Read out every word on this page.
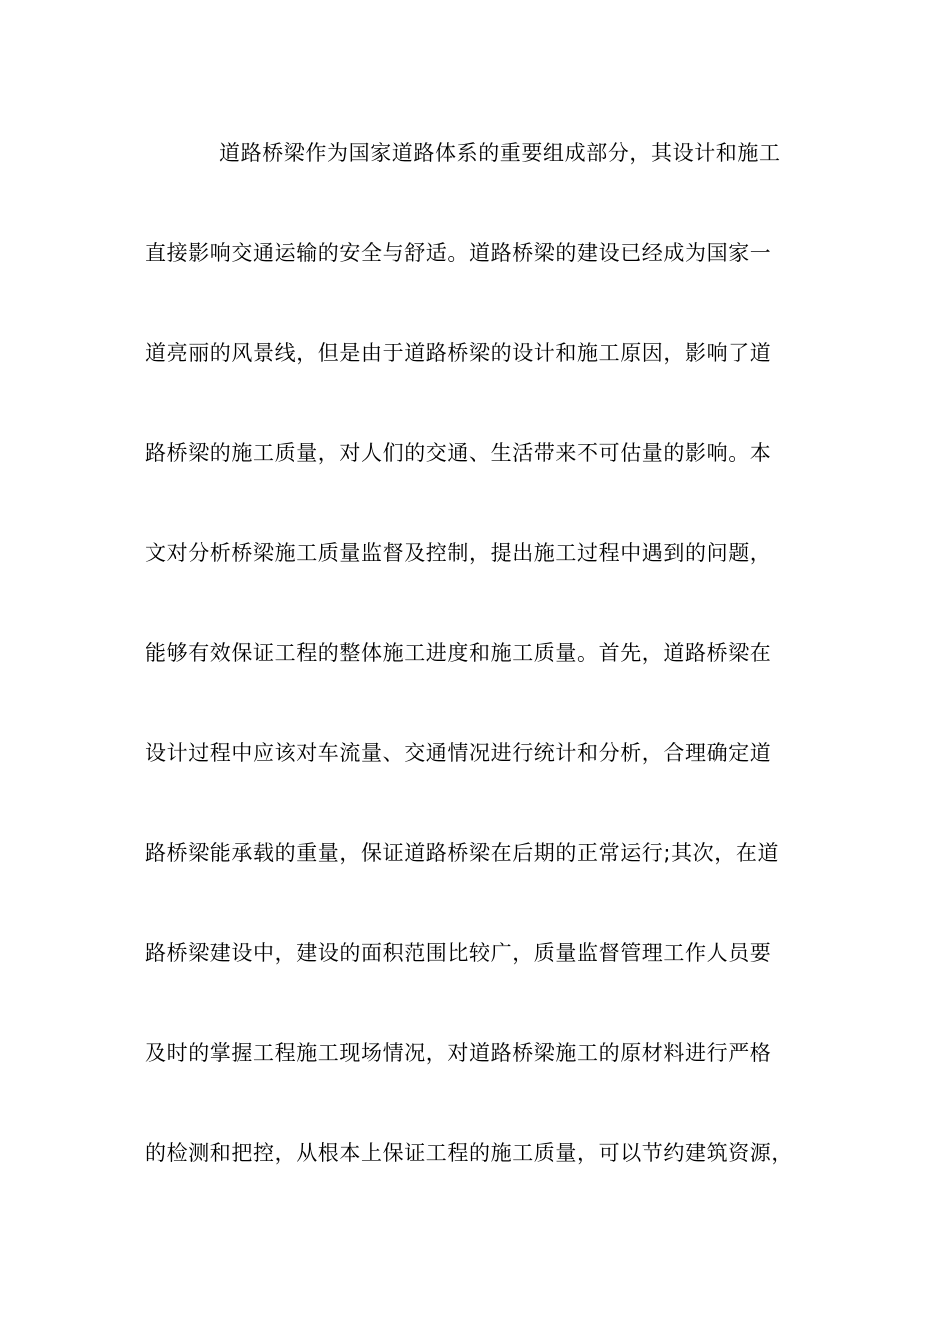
道路桥梁作为国家道路体系的重要组成部分，其设计和施工
直接影响交通运输的安全与舒适。道路桥梁的建设已经成为国家一
道亮丽的风景线，但是由于道路桥梁的设计和施工原因，影响了道
路桥梁的施工质量，对人们的交通、生活带来不可估量的影响。本
文对分析桥梁施工质量监督及控制，提出施工过程中遇到的问题，
能够有效保证工程的整体施工进度和施工质量。首先，道路桥梁在
设计过程中应该对车流量、交通情况进行统计和分析，合理确定道
路桥梁能承载的重量，保证道路桥梁在后期的正常运行;其次，在道
路桥梁建设中，建设的面积范围比较广，质量监督管理工作人员要
及时的掌握工程施工现场情况，对道路桥梁施工的原材料进行严格
的检测和把控，从根本上保证工程的施工质量，可以节约建筑资源，
